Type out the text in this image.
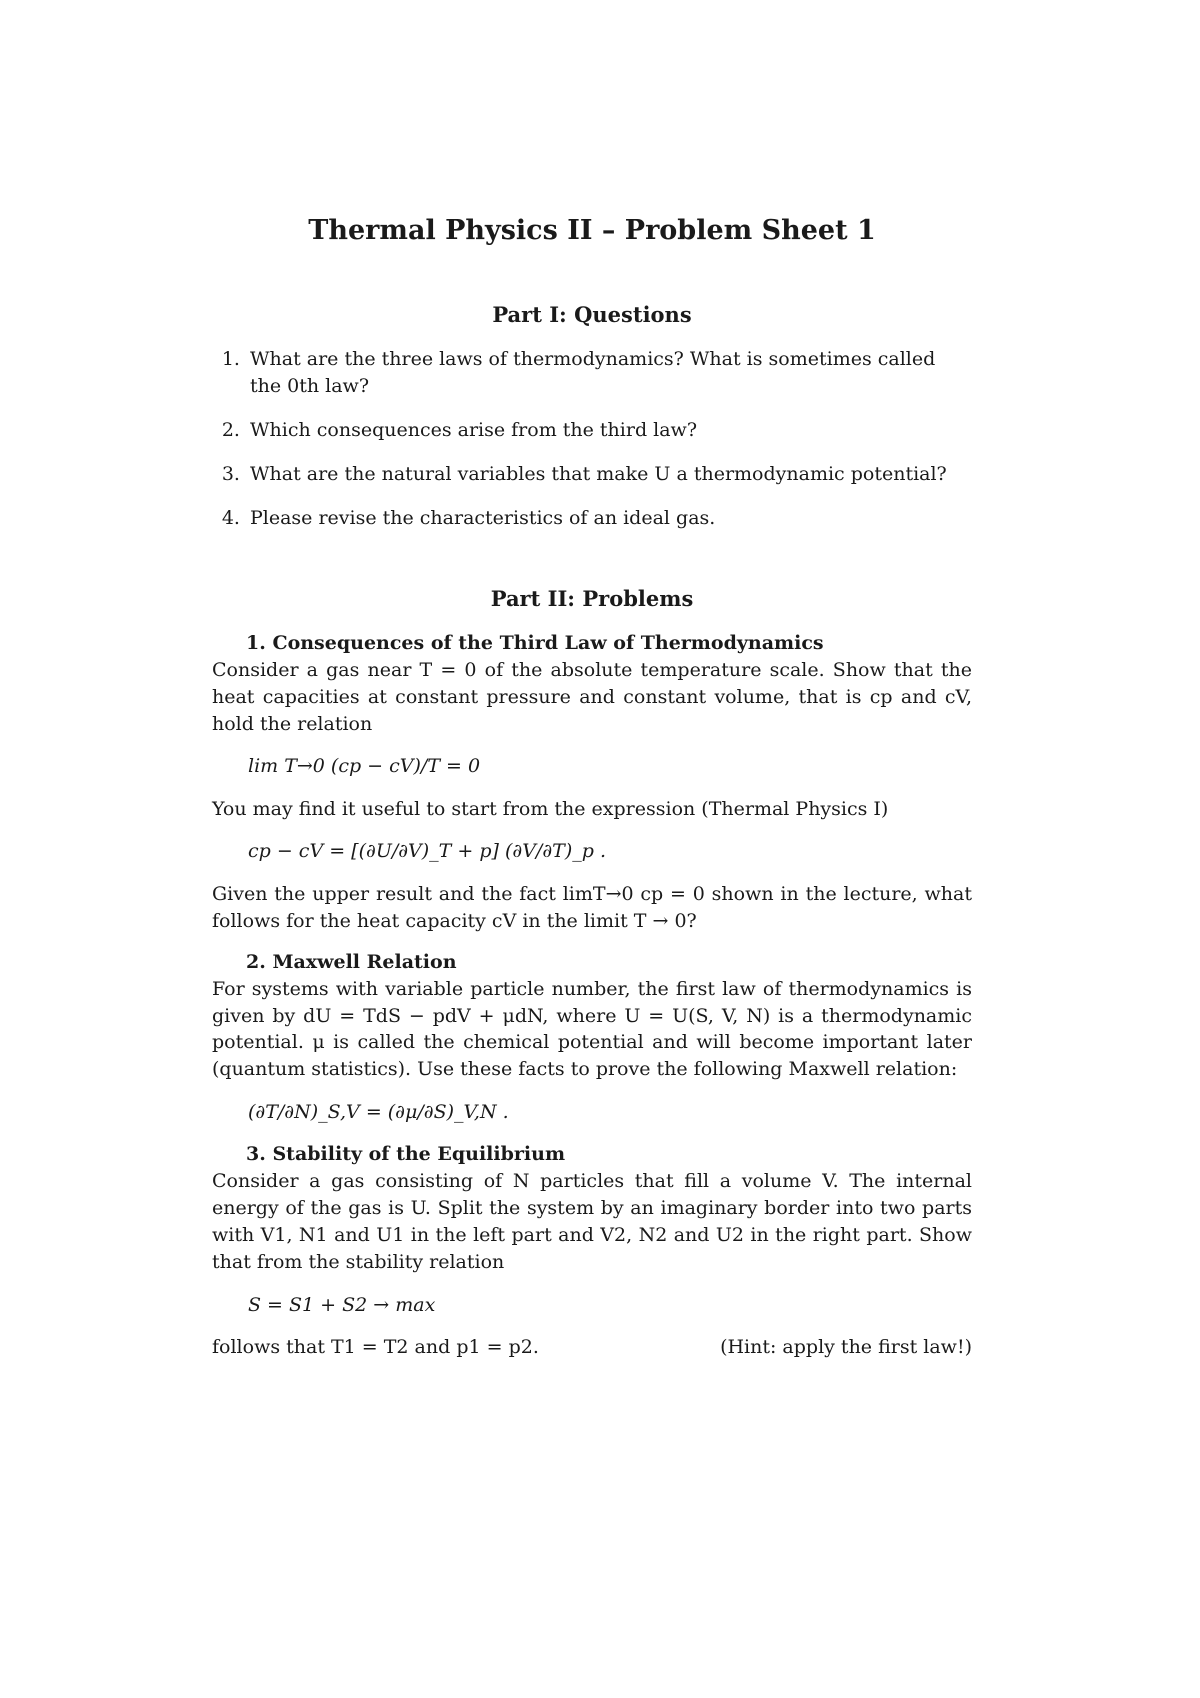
Thermal Physics II – Problem Sheet 1
Part I: Questions
1. What are the three laws of thermodynamics? What is sometimes called the 0th law?
2. Which consequences arise from the third law?
3. What are the natural variables that make U a thermodynamic potential?
4. Please revise the characteristics of an ideal gas.
Part II: Problems
1. Consequences of the Third Law of Thermodynamics

Consider a gas near T = 0 of the absolute temperature scale. Show that the heat capacities at constant pressure and constant volume, that is cp and cV, hold the relation

lim T→0 (cp − cV)/T = 0

You may find it useful to start from the expression (Thermal Physics I)

cp − cV = [(∂U/∂V)_T + p] (∂V/∂T)_p .

Given the upper result and the fact limT→0 cp = 0 shown in the lecture, what follows for the heat capacity cV in the limit T → 0?

2. Maxwell Relation

For systems with variable particle number, the first law of thermodynamics is given by dU = TdS − pdV + μdN, where U = U(S, V, N) is a thermodynamic potential. μ is called the chemical potential and will become important later (quantum statistics). Use these facts to prove the following Maxwell relation:

(∂T/∂N)_S,V = (∂μ/∂S)_V,N .
3. Stability of the Equilibrium

Consider a gas consisting of N particles that fill a volume V. The internal energy of the gas is U. Split the system by an imaginary border into two parts with V1, N1 and U1 in the left part and V2, N2 and U2 in the right part. Show that from the stability relation

S = S1 + S2 → max
follows that T1 = T2 and p1 = p2.	(Hint: apply the first law!)
